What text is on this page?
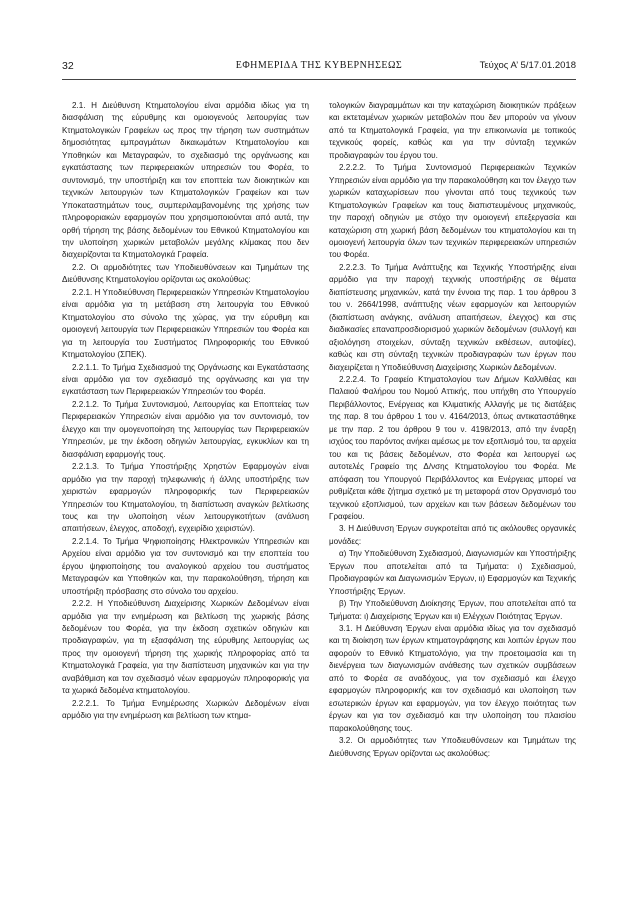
32	ΕΦΗΜΕΡΙΔΑ ΤΗΣ ΚΥΒΕΡΝΗΣΕΩΣ	Τεύχος Α’ 5/17.01.2018

2.1. Η Διεύθυνση Κτηματολογίου είναι αρμόδια ιδίως για τη διασφάλιση της εύρυθμης και ομοιογενούς λειτουργίας των Κτηματολογικών Γραφείων ως προς την τήρηση των συστημάτων δημοσιότητας εμπραγμάτων δικαιωμάτων Κτηματολογίου και Υποθηκών και Μεταγραφών, το σχεδιασμό της οργάνωσης και εγκατάστασης των περιφερειακών υπηρεσιών του Φορέα, το συντονισμό, την υποστήριξη και τον εποπτεία των διοικητικών και τεχνικών λειτουργιών των Κτηματολογικών Γραφείων και των Υποκαταστημάτων τους, συμπεριλαμβανομένης της χρήσης των πληροφοριακών εφαρμογών που χρησιμοποιούνται από αυτά, την ορθή τήρηση της βάσης δεδομένων του Εθνικού Κτηματολογίου και την υλοποίηση χωρικών μεταβολών μεγάλης κλίμακας που δεν διαχειρίζονται τα Κτηματολογικά Γραφεία.

2.2. Οι αρμοδιότητες των Υποδιευθύνσεων και Τμημάτων της Διεύθυνσης Κτηματολογίου ορίζονται ως ακολούθως:

2.2.1. Η Υποδιεύθυνση Περιφερειακών Υπηρεσιών Κτηματολογίου είναι αρμόδια για τη μετάβαση στη λειτουργία του Εθνικού Κτηματολογίου στο σύνολο της χώρας, για την εύρυθμη και ομοιογενή λειτουργία των Περιφερειακών Υπηρεσιών του Φορέα και για τη λειτουργία του Συστήματος Πληροφορικής του Εθνικού Κτηματολογίου (ΣΠΕΚ).

2.2.1.1. Το Τμήμα Σχεδιασμού της Οργάνωσης και Εγκατάστασης είναι αρμόδιο για τον σχεδιασμό της οργάνωσης και για την εγκατάσταση των Περιφερειακών Υπηρεσιών του Φορέα.

2.2.1.2. Το Τμήμα Συντονισμού, Λειτουργίας και Εποπτείας των Περιφερειακών Υπηρεσιών είναι αρμόδιο για τον συντονισμό, τον έλεγχο και την ομογενοποίηση της λειτουργίας των Περιφερειακών Υπηρεσιών, με την έκδοση οδηγιών λειτουργίας, εγκυκλίων και τη διασφάλιση εφαρμογής τους.

2.2.1.3. Το Τμήμα Υποστήριξης Χρηστών Εφαρμογών είναι αρμόδιο για την παροχή τηλεφωνικής ή άλλης υποστήριξης των χειριστών εφαρμογών πληροφορικής των Περιφερειακών Υπηρεσιών του Κτηματολογίου, τη διαπίστωση αναγκών βελτίωσης τους και την υλοποίηση νέων λειτουργικοτήτων (ανάλυση απαιτήσεων, έλεγχος, αποδοχή, εγχειρίδιο χειριστών).

2.2.1.4. Το Τμήμα Ψηφιοποίησης Ηλεκτρονικών Υπηρεσιών και Αρχείου είναι αρμόδιο για τον συντονισμό και την εποπτεία του έργου ψηφιοποίησης του αναλογικού αρχείου του συστήματος Μεταγραφών και Υποθηκών και, την παρακολούθηση, τήρηση και υποστήριξη πρόσβασης στο σύνολο του αρχείου.

2.2.2. Η Υποδιεύθυνση Διαχείρισης Χωρικών Δεδομένων είναι αρμόδια για την ενημέρωση και βελτίωση της χωρικής βάσης δεδομένων του Φορέα, για την έκδοση σχετικών οδηγιών και προδιαγραφών, για τη εξασφάλιση της εύρυθμης λειτουργίας ως προς την ομοιογενή τήρηση της χωρικής πληροφορίας από τα Κτηματολογικά Γραφεία, για την διαπίστευση μηχανικών και για την αναβάθμιση και τον σχεδιασμό νέων εφαρμογών πληροφορικής για τα χωρικά δεδομένα κτηματολογίου.

2.2.2.1. Το Τμήμα Ενημέρωσης Χωρικών Δεδομένων είναι αρμόδιο για την ενημέρωση και βελτίωση των κτημα-

τολογικών διαγραμμάτων και την καταχώριση διοικητικών πράξεων και εκτεταμένων χωρικών μεταβολών που δεν μπορούν να γίνουν από τα Κτηματολογικά Γραφεία, για την επικοινωνία με τοπικούς τεχνικούς φορείς, καθώς και για την σύνταξη τεχνικών προδιαγραφών του έργου του.

2.2.2.2. Το Τμήμα Συντονισμού Περιφερειακών Τεχνικών Υπηρεσιών είναι αρμόδιο για την παρακολούθηση και τον έλεγχο των χωρικών καταχωρίσεων που γίνονται από τους τεχνικούς των Κτηματολογικών Γραφείων και τους διαπιστευμένους μηχανικούς, την παροχή οδηγιών με στόχο την ομοιογενή επεξεργασία και καταχώριση στη χωρική βάση δεδομένων του κτηματολογίου και τη ομοιογενή λειτουργία όλων των τεχνικών περιφερειακών υπηρεσιών του Φορέα.

2.2.2.3. Το Τμήμα Ανάπτυξης και Τεχνικής Υποστήριξης είναι αρμόδιο για την παροχή τεχνικής υποστήριξης σε θέματα διαπίστευσης μηχανικών, κατά την έννοια της παρ. 1 του άρθρου 3 του ν. 2664/1998, ανάπτυξης νέων εφαρμογών και λειτουργιών (διαπίστωση ανάγκης, ανάλυση απαιτήσεων, έλεγχος) και στις διαδικασίες επαναπροσδιορισμού χωρικών δεδομένων (συλλογή και αξιολόγηση στοιχείων, σύνταξη τεχνικών εκθέσεων, αυτοψίες), καθώς και στη σύνταξη τεχνικών προδιαγραφών των έργων που διαχειρίζεται η Υποδιεύθυνση Διαχείρισης Χωρικών Δεδομένων.

2.2.2.4. Το Γραφείο Κτηματολογίου των Δήμων Καλλιθέας και Παλαιού Φαλήρου του Νομού Αττικής, που υπήχθη στο Υπουργείο Περιβάλλοντος, Ενέργειας και Κλιματικής Αλλαγής με τις διατάξεις της παρ. 8 του άρθρου 1 του ν. 4164/2013, όπως αντικαταστάθηκε με την παρ. 2 του άρθρου 9 του ν. 4198/2013, από την έναρξη ισχύος του παρόντος ανήκει αμέσως με τον εξοπλισμό του, τα αρχεία του και τις βάσεις δεδομένων, στο Φορέα και λειτουργεί ως αυτοτελές Γραφείο της Δ/νσης Κτηματολογίου του Φορέα. Με απόφαση του Υπουργού Περιβάλλοντος και Ενέργειας μπορεί να ρυθμίζεται κάθε ζήτημα σχετικό με τη μεταφορά στον Οργανισμό του τεχνικού εξοπλισμού, των αρχείων και των βάσεων δεδομένων του Γραφείου.

3. Η Διεύθυνση Έργων συγκροτείται από τις ακόλουθες οργανικές μονάδες:

α) Την Υποδιεύθυνση Σχεδιασμού, Διαγωνισμών και Υποστήριξης Έργων που αποτελείται από τα Τμήματα: ι) Σχεδιασμού, Προδιαγραφών και Διαγωνισμών Έργων, ιι) Εφαρμογών και Τεχνικής Υποστήριξης Έργων.

β) Την Υποδιεύθυνση Διοίκησης Έργων, που αποτελείται από τα Τμήματα: ι) Διαχείρισης Έργων και ιι) Ελέγχων Ποιότητας Έργων.

3.1. Η Διεύθυνση Έργων είναι αρμόδια ιδίως για τον σχεδιασμό και τη διοίκηση των έργων κτηματογράφησης και λοιπών έργων που αφορούν το Εθνικό Κτηματολόγιο, για την προετοιμασία και τη διενέργεια των διαγωνισμών ανάθεσης των σχετικών συμβάσεων από το Φορέα σε αναδόχους, για τον σχεδιασμό και έλεγχο εφαρμογών πληροφορικής και τον σχεδιασμό και υλοποίηση των εσωτερικών έργων και εφαρμογών, για τον έλεγχο ποιότητας των έργων και για τον σχεδιασμό και την υλοποίηση του πλαισίου παρακολούθησης τους.

3.2. Οι αρμοδιότητες των Υποδιευθύνσεων και Τμημάτων της Διεύθυνσης Έργων ορίζονται ως ακολούθως:
